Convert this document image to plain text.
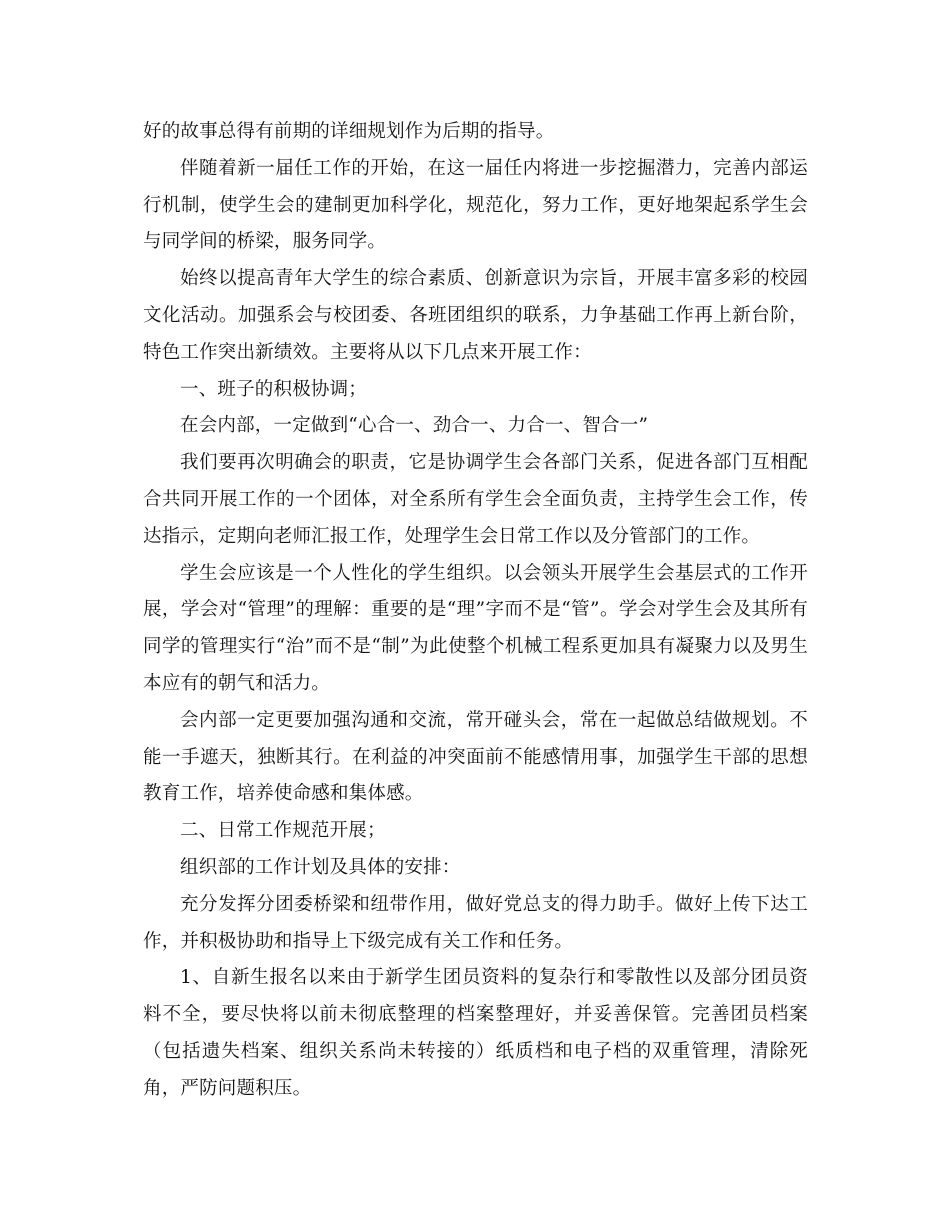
好的故事总得有前期的详细规划作为后期的指导。

伴随着新一届任工作的开始，在这一届任内将进一步挖掘潜力，完善内部运行机制，使学生会的建制更加科学化，规范化，努力工作，更好地架起系学生会与同学间的桥梁，服务同学。

始终以提高青年大学生的综合素质、创新意识为宗旨，开展丰富多彩的校园文化活动。加强系会与校团委、各班团组织的联系，力争基础工作再上新台阶，特色工作突出新绩效。主要将从以下几点来开展工作：

一、班子的积极协调；

在会内部，一定做到“心合一、劲合一、力合一、智合一”

我们要再次明确会的职责，它是协调学生会各部门关系，促进各部门互相配合共同开展工作的一个团体，对全系所有学生会全面负责，主持学生会工作，传达指示，定期向老师汇报工作，处理学生会日常工作以及分管部门的工作。

学生会应该是一个人性化的学生组织。以会领头开展学生会基层式的工作开展，学会对“管理”的理解：重要的是“理”字而不是“管”。学会对学生会及其所有同学的管理实行“治”而不是“制”为此使整个机械工程系更加具有凝聚力以及男生本应有的朝气和活力。

会内部一定更要加强沟通和交流，常开碰头会，常在一起做总结做规划。不能一手遮天，独断其行。在利益的冲突面前不能感情用事，加强学生干部的思想教育工作，培养使命感和集体感。

二、日常工作规范开展；

组织部的工作计划及具体的安排：

充分发挥分团委桥梁和纽带作用，做好党总支的得力助手。做好上传下达工作，并积极协助和指导上下级完成有关工作和任务。

1、自新生报名以来由于新学生团员资料的复杂行和零散性以及部分团员资料不全，要尽快将以前未彻底整理的档案整理好，并妥善保管。完善团员档案（包括遗失档案、组织关系尚未转接的）纸质档和电子档的双重管理，清除死角，严防问题积压。
